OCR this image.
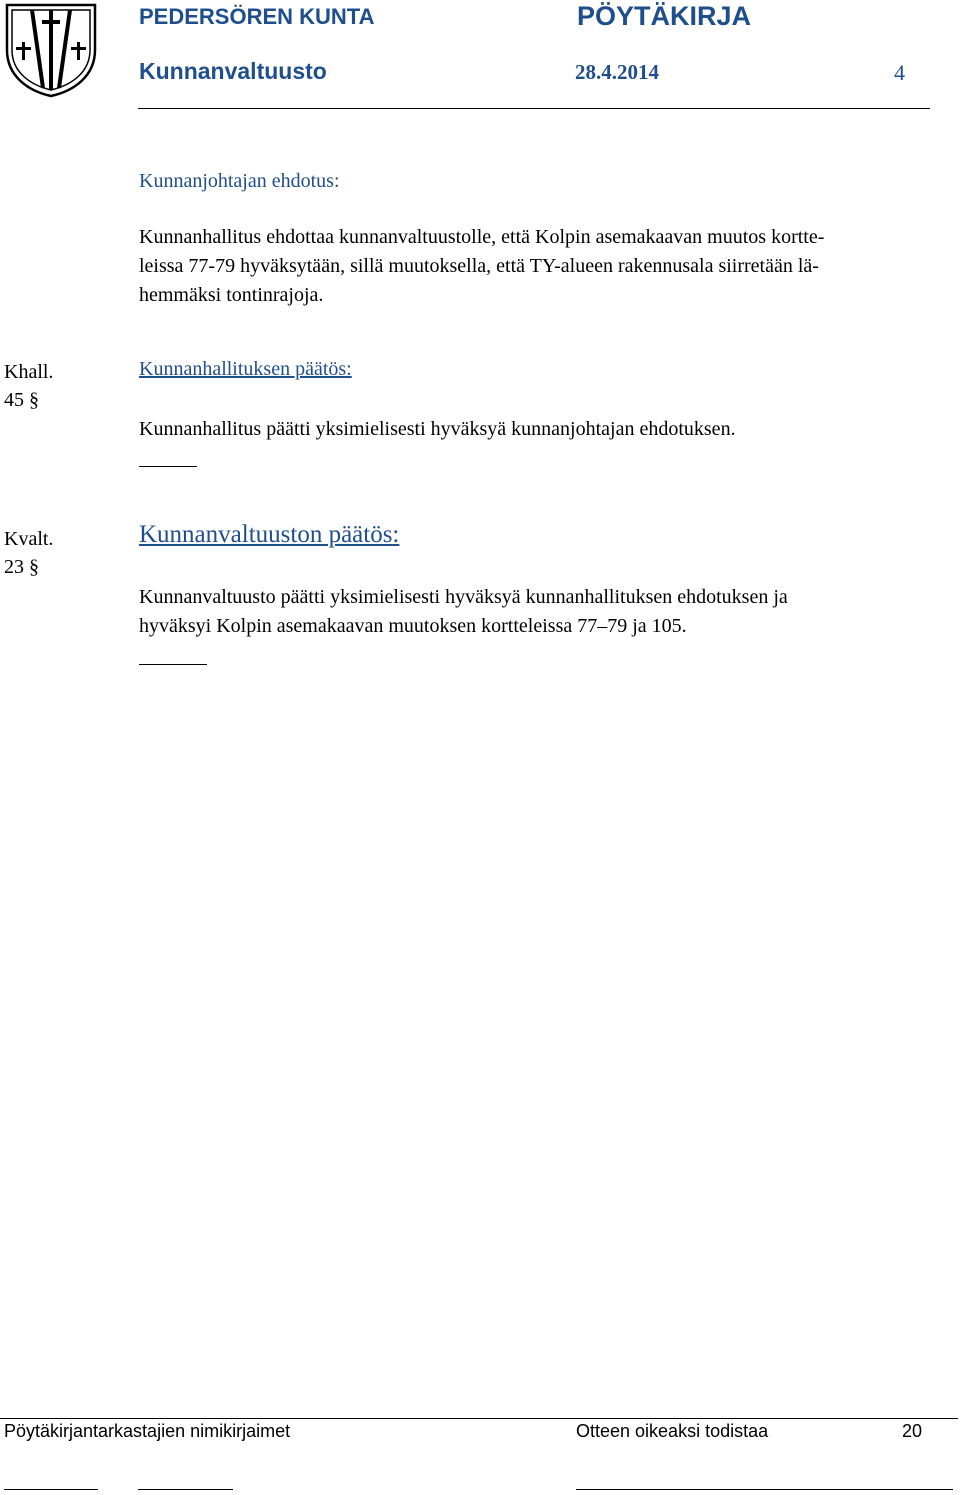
PEDERSÖREN KUNTA	PÖYTÄKIRJA
Kunnanvaltuusto	28.4.2014	4
Kunnanjohtajan ehdotus:
Kunnanhallitus ehdottaa kunnanvaltuustolle, että Kolpin asemakaavan muutos kortte-
leissa 77-79 hyväksytään, sillä muutoksella, että TY-alueen rakennusala siirretään lä-
hemmäksi tontinrajoja.
Khall.
45 §
Kunnanhallituksen päätös:
Kunnanhallitus päätti yksimielisesti hyväksyä kunnanjohtajan ehdotuksen.
Kvalt.
23 §
Kunnanvaltuuston päätös:
Kunnanvaltuusto päätti yksimielisesti hyväksyä kunnanhallituksen ehdotuksen ja
hyväksyi Kolpin asemakaavan muutoksen kortteleissa 77–79 ja 105.
Pöytäkirjantarkastajien nimikirjaimet	Otteen oikeaksi todistaa	20
